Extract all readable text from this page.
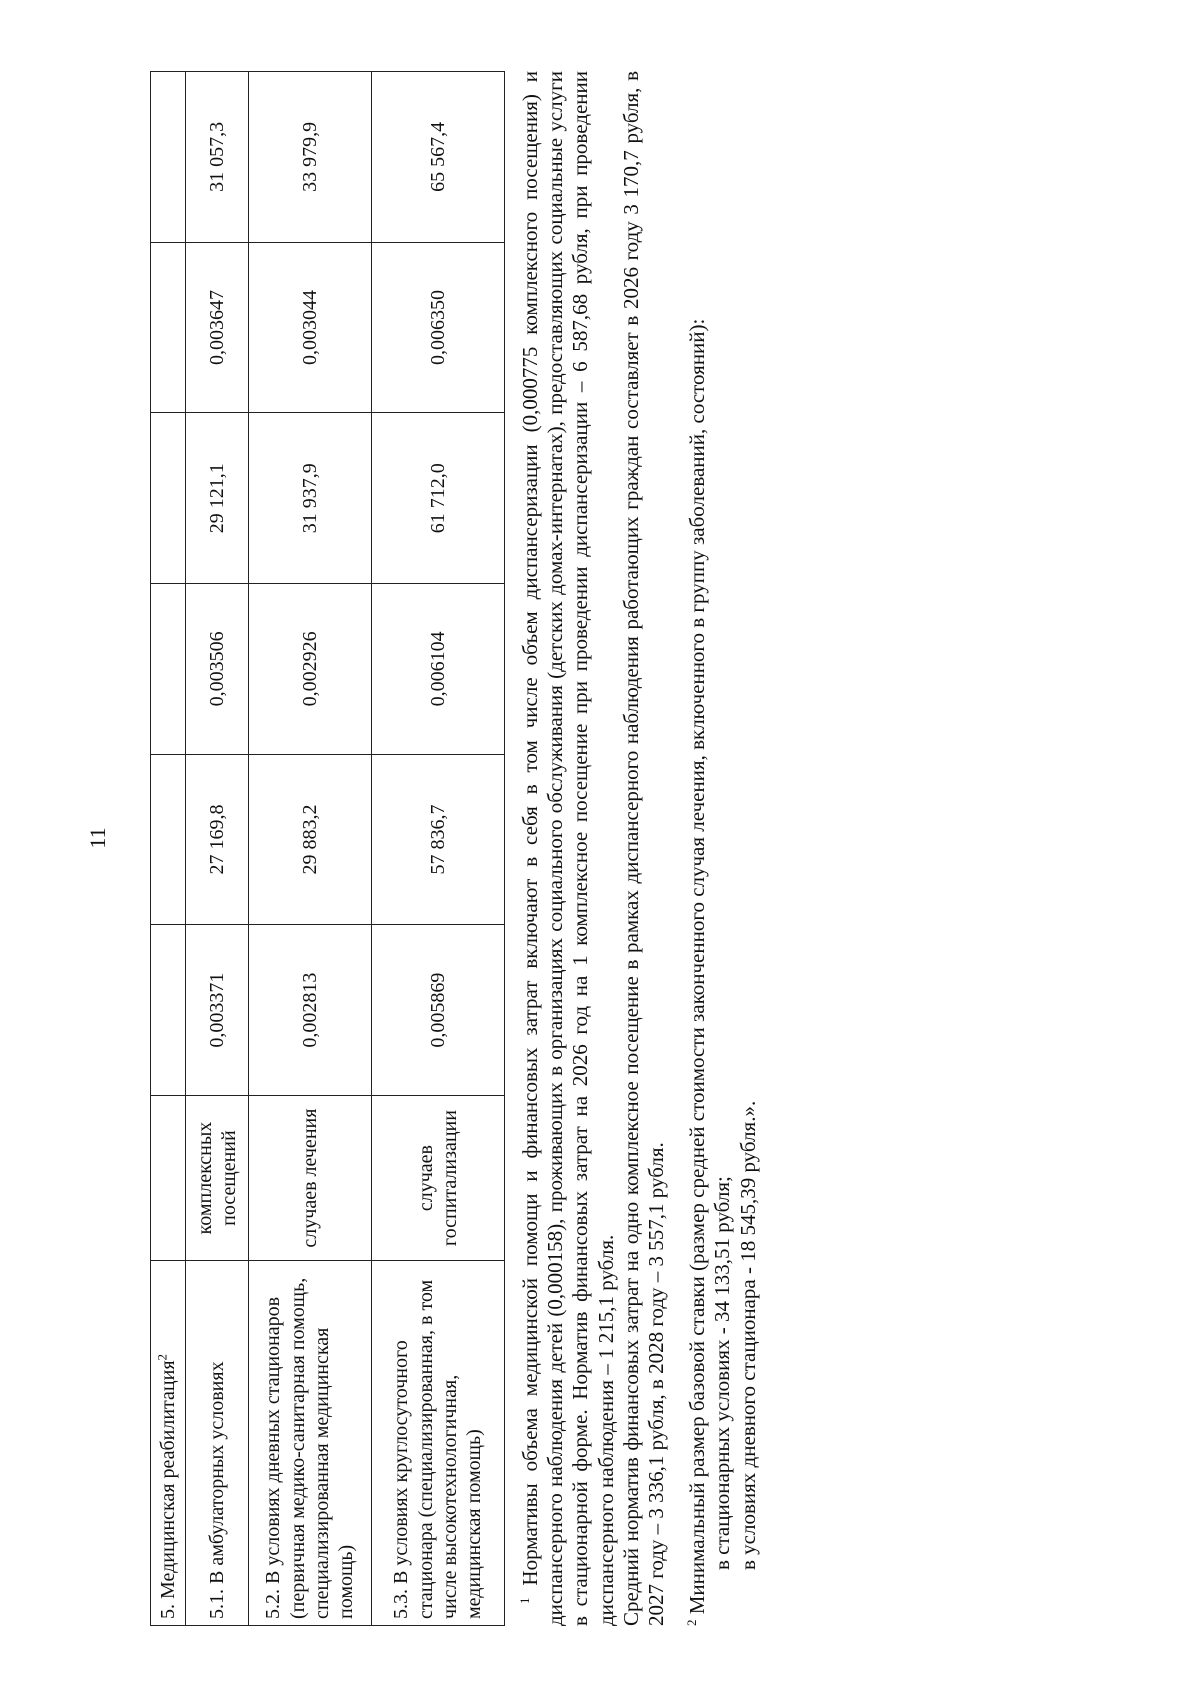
11
5. Медицинская реабилитация$^2$							
5.1. В амбулаторных условиях	комплексных посещений	0,003371	27 169,8	0,003506	29 121,1	0,003647	31 057,3
5.2. В условиях дневных стационаров (первичная медико-санитарная помощь, специализированная медицинская помощь)	случаев лечения	0,002813	29 883,2	0,002926	31 937,9	0,003044	33 979,9
5.3. В условиях круглосуточного стационара (специализированная, в том числе высокотехнологичная, медицинская помощь)	случаев госпитализации	0,005869	57 836,7	0,006104	61 712,0	0,006350	65 567,4

$^1$ Нормативы объема медицинской помощи и финансовых затрат включают в себя в том числе объем диспансеризации (0,000775 комплексного посещения) и диспансерного наблюдения детей (0,000158), проживающих в организациях социального обслуживания (детских домах-интернатах), предоставляющих социальные услуги в стационарной форме. Норматив финансовых затрат на 2026 год на 1 комплексное посещение при проведении диспансеризации – 6 587,68 рубля, при проведении диспансерного наблюдения – 1 215,1 рубля. Средний норматив финансовых затрат на одно комплексное посещение в рамках диспансерного наблюдения работающих граждан составляет в 2026 году 3 170,7 рубля, в 2027 году – 3 336,1 рубля, в 2028 году – 3 557,1 рубля. $^2$ Минимальный размер базовой ставки (размер средней стоимости законченного случая лечения, включенного в группу заболеваний, состояний): в стационарных условиях - 34 133,51 рубля; в условиях дневного стационара - 18 545,39 рубля.».
